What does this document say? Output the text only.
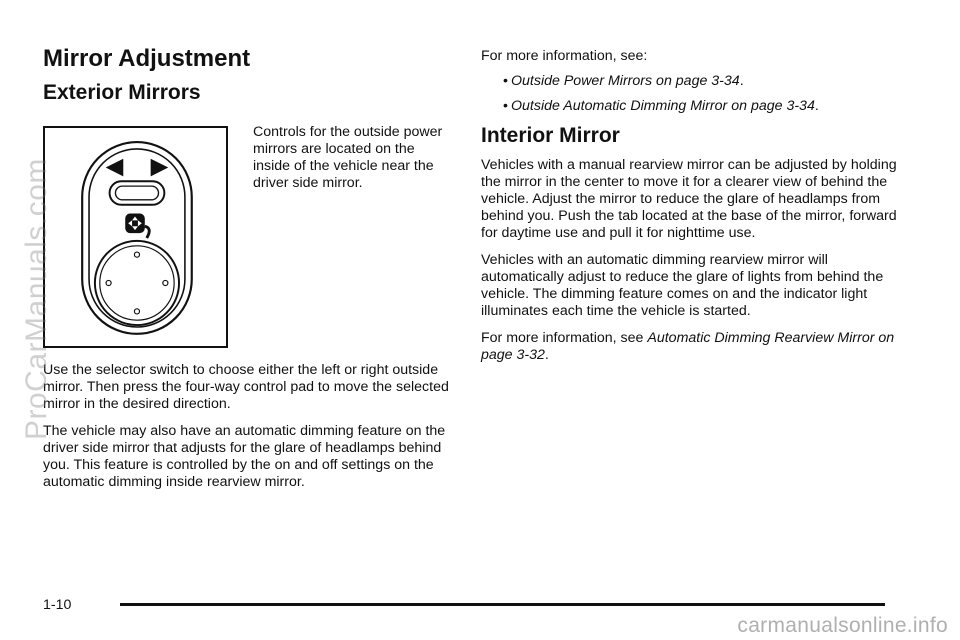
Mirror Adjustment
Exterior Mirrors

Controls for the outside power mirrors are located on the inside of the vehicle near the driver side mirror.

Use the selector switch to choose either the left or right outside mirror. Then press the four-way control pad to move the selected mirror in the desired direction.

The vehicle may also have an automatic dimming feature on the driver side mirror that adjusts for the glare of headlamps behind you. This feature is controlled by the on and off settings on the automatic dimming inside rearview mirror.

For more information, see:

• Outside Power Mirrors on page 3-34.
• Outside Automatic Dimming Mirror on page 3-34.
Interior Mirror

Vehicles with a manual rearview mirror can be adjusted by holding the mirror in the center to move it for a clearer view of behind the vehicle. Adjust the mirror to reduce the glare of headlamps from behind you. Push the tab located at the base of the mirror, forward for daytime use and pull it for nighttime use.

Vehicles with an automatic dimming rearview mirror will automatically adjust to reduce the glare of lights from behind the vehicle. The dimming feature comes on and the indicator light illuminates each time the vehicle is started.

For more information, see Automatic Dimming Rearview Mirror on page 3-32.

1-10
carmanualsonline.info
ProCarManuals.com
